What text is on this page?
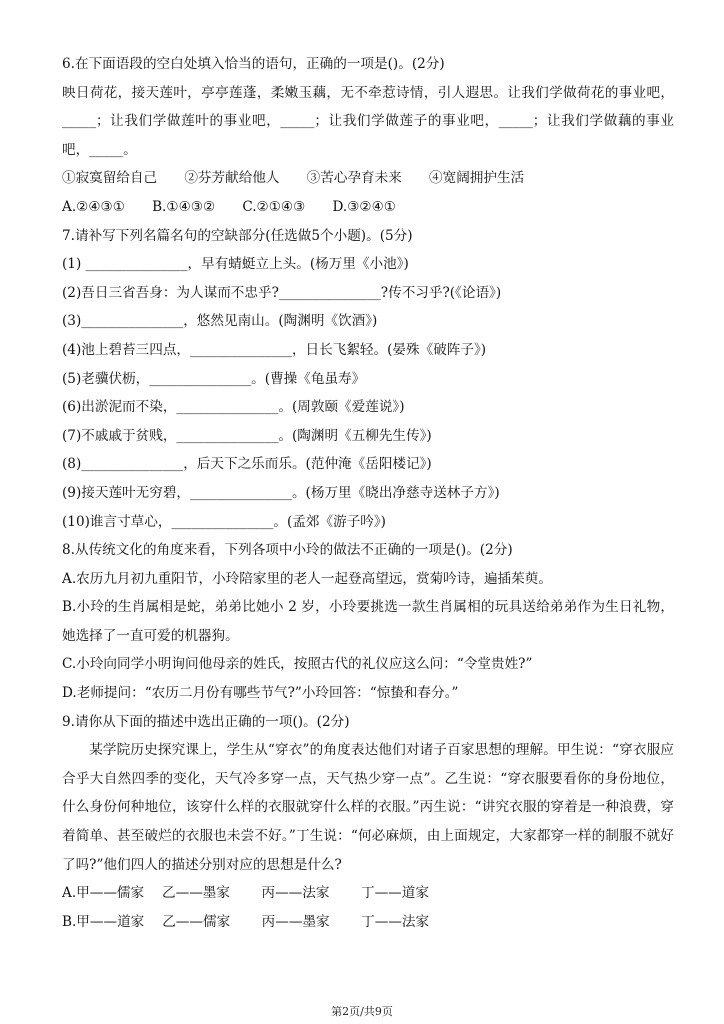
6.在下面语段的空白处填入恰当的语句，正确的一项是()。(2分)
映日荷花，接天莲叶，亭亭莲蓬，柔嫩玉藕，无不牵惹诗情，引人遐思。让我们学做荷花的事业吧，_____；让我们学做莲叶的事业吧，_____；让我们学做莲子的事业吧，_____；让我们学做藕的事业吧，_____。
①寂寞留给自己　　②芬芳献给他人　　③苦心孕育未来　　④宽阔拥护生活
A.②④③①　　B.①④③②　　C.②①④③　　D.③②④①
7.请补写下列名篇名句的空缺部分(任选做5个小题)。(5分)
(1) _______________，早有蜻蜓立上头。(杨万里《小池》)
(2)吾日三省吾身：为人谋而不忠乎?_______________?传不习乎?(《论语》)
(3)_______________，悠然见南山。(陶渊明《饮酒》)
(4)池上碧苔三四点，_______________，日长飞絮轻。(晏殊《破阵子》)
(5)老骥伏枥，_______________。(曹操《龟虽寿》
(6)出淤泥而不染，_______________。(周敦颐《爱莲说》)
(7)不戚戚于贫贱，_______________。(陶渊明《五柳先生传》)
(8)_______________，后天下之乐而乐。(范仲淹《岳阳楼记》)
(9)接天莲叶无穷碧，_______________。(杨万里《晓出净慈寺送林子方》)
(10)谁言寸草心，_______________。(孟郊《游子吟》)
8.从传统文化的角度来看，下列各项中小玲的做法不正确的一项是()。(2分)
A.农历九月初九重阳节，小玲陪家里的老人一起登高望远，赏菊吟诗，遍插茱萸。
B.小玲的生肖属相是蛇，弟弟比她小 2 岁，小玲要挑选一款生肖属相的玩具送给弟弟作为生日礼物，她选择了一直可爱的机器狗。
C.小玲向同学小明询问他母亲的姓氏，按照古代的礼仪应这么问：“令堂贵姓?”
D.老师提问：“农历二月份有哪些节气?”小玲回答：“惊蛰和春分。”
9.请你从下面的描述中选出正确的一项()。(2分)
某学院历史探究课上，学生从“穿衣”的角度表达他们对诸子百家思想的理解。甲生说：“穿衣服应合乎大自然四季的变化，天气冷多穿一点，天气热少穿一点”。乙生说：“穿衣服要看你的身份地位，什么身份何种地位，该穿什么样的衣服就穿什么样的衣服。”丙生说：“讲究衣服的穿着是一种浪费，穿着简单、甚至破烂的衣服也未尝不好。”丁生说：“何必麻烦，由上面规定，大家都穿一样的制服不就好了吗?”他们四人的描述分别对应的思想是什么?
A.甲——儒家　 乙——墨家　　 丙——法家　　 丁——道家
B.甲——道家　 乙——儒家　　 丙——墨家　　 丁——法家
第2页/共9页
